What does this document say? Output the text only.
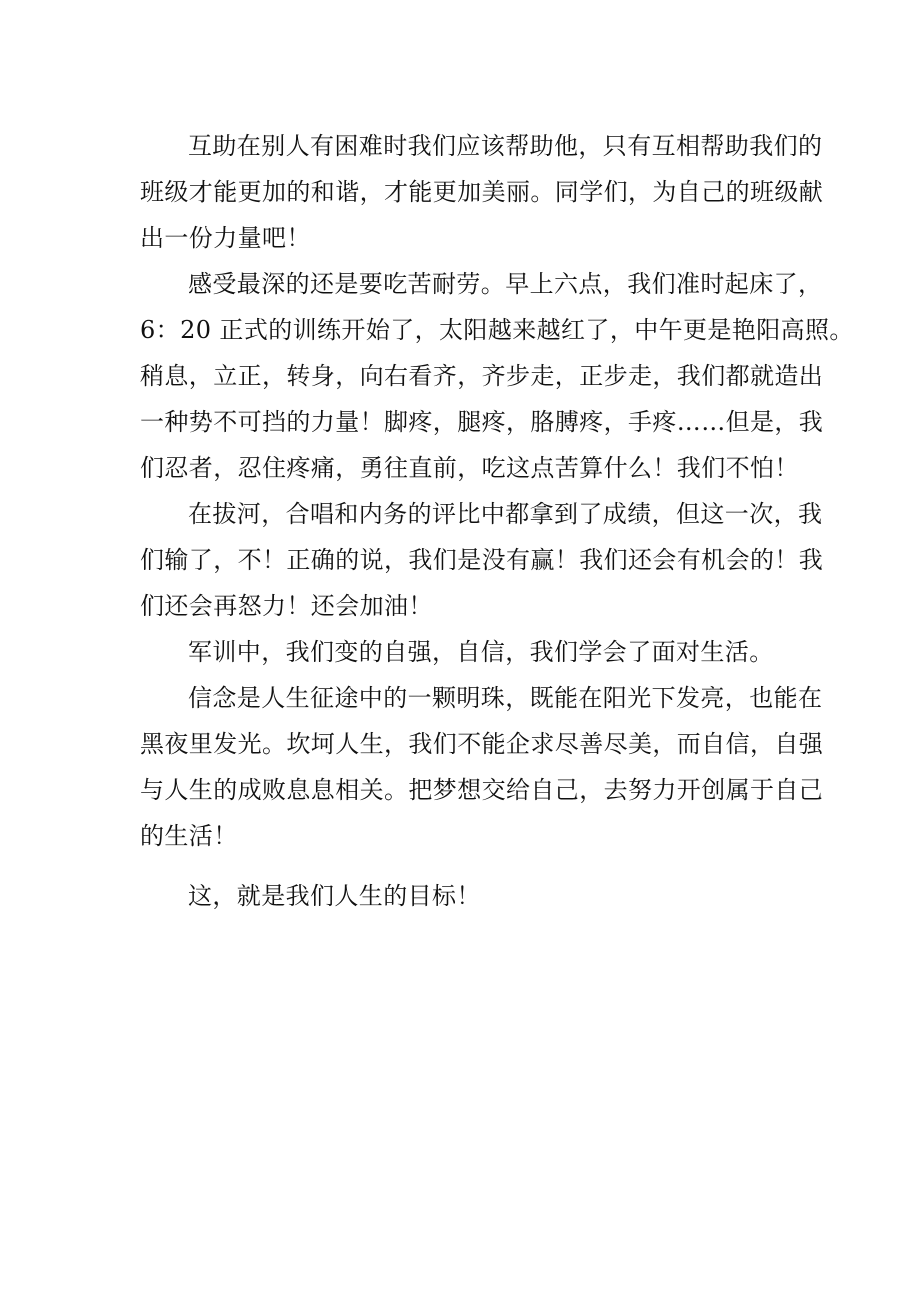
互助在别人有困难时我们应该帮助他，只有互相帮助我们的
班级才能更加的和谐，才能更加美丽。同学们，为自己的班级献
出一份力量吧！
感受最深的还是要吃苦耐劳。早上六点，我们准时起床了，
6：20 正式的训练开始了，太阳越来越红了，中午更是艳阳高照。
稍息，立正，转身，向右看齐，齐步走，正步走，我们都就造出
一种势不可挡的力量！脚疼，腿疼，胳膊疼，手疼……但是，我
们忍者，忍住疼痛，勇往直前，吃这点苦算什么！我们不怕！
在拔河，合唱和内务的评比中都拿到了成绩，但这一次，我
们输了，不！正确的说，我们是没有赢！我们还会有机会的！我
们还会再怒力！还会加油！
军训中，我们变的自强，自信，我们学会了面对生活。
信念是人生征途中的一颗明珠，既能在阳光下发亮，也能在
黑夜里发光。坎坷人生，我们不能企求尽善尽美，而自信，自强
与人生的成败息息相关。把梦想交给自己，去努力开创属于自己
的生活！
这，就是我们人生的目标！
